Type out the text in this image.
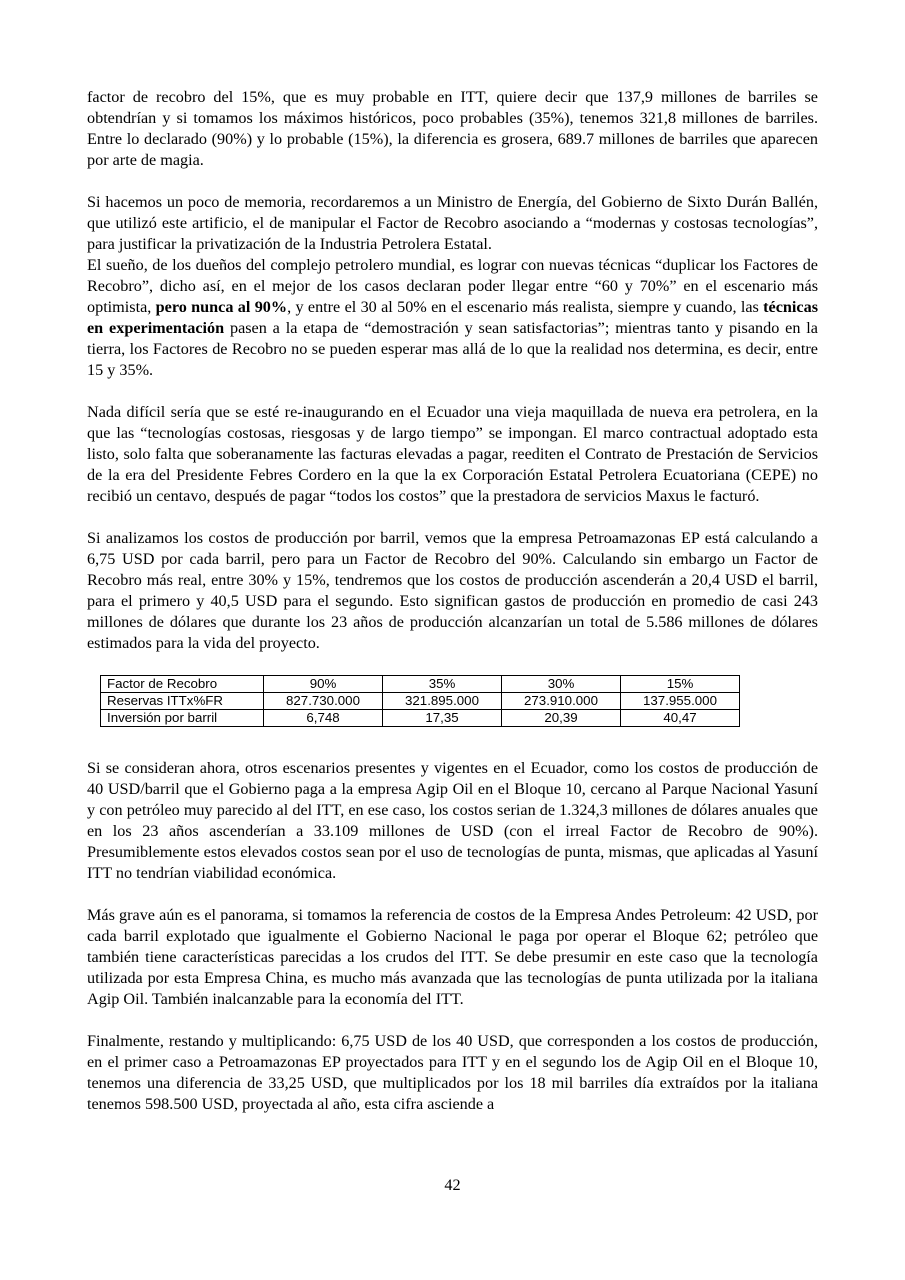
factor de recobro del 15%, que es muy probable en ITT, quiere decir que 137,9 millones de barriles se obtendrían y si tomamos los máximos históricos, poco probables (35%), tenemos 321,8 millones de barriles. Entre lo declarado (90%) y lo probable (15%), la diferencia es grosera, 689.7 millones de barriles que aparecen por arte de magia.

Si hacemos un poco de memoria, recordaremos a un Ministro de Energía, del Gobierno de Sixto Durán Ballén, que utilizó este artificio, el de manipular el Factor de Recobro asociando a “modernas y costosas tecnologías”, para justificar la privatización de la Industria Petrolera Estatal.
El sueño, de los dueños del complejo petrolero mundial, es lograr con nuevas técnicas “duplicar los Factores de Recobro”, dicho así, en el mejor de los casos declaran poder llegar entre “60 y 70%” en el escenario más optimista, pero nunca al 90%, y entre el 30 al 50% en el escenario más realista, siempre y cuando, las técnicas en experimentación pasen a la etapa de “demostración y sean satisfactorias”; mientras tanto y pisando en la tierra, los Factores de Recobro no se pueden esperar mas allá de lo que la realidad nos determina, es decir, entre 15 y 35%.

Nada difícil sería que se esté re-inaugurando en el Ecuador una vieja maquillada de nueva era petrolera, en la que las “tecnologías costosas, riesgosas y de largo tiempo” se impongan. El marco contractual adoptado esta listo, solo falta que soberanamente las facturas elevadas a pagar, reediten el Contrato de Prestación de Servicios de la era del Presidente Febres Cordero en la que la ex Corporación Estatal Petrolera Ecuatoriana (CEPE) no recibió un centavo, después de pagar “todos los costos” que la prestadora de servicios Maxus le facturó.

Si analizamos los costos de producción por barril, vemos que la empresa Petroamazonas EP está calculando a 6,75 USD por cada barril, pero para un Factor de Recobro del 90%. Calculando sin embargo un Factor de Recobro más real, entre 30% y 15%, tendremos que los costos de producción ascenderán a 20,4 USD el barril, para el primero y 40,5 USD para el segundo. Esto significan gastos de producción en promedio de casi 243 millones de dólares que durante los 23 años de producción alcanzarían un total de 5.586 millones de dólares estimados para la vida del proyecto.

Factor de Recobro	90%	35%	30%	15%
Reservas ITTx%FR	827.730.000	321.895.000	273.910.000	137.955.000
Inversión por barril	6,748	17,35	20,39	40,47

Si se consideran ahora, otros escenarios presentes y vigentes en el Ecuador, como los costos de producción de 40 USD/barril que el Gobierno paga a la empresa Agip Oil en el Bloque 10, cercano al Parque Nacional Yasuní y con petróleo muy parecido al del ITT, en ese caso, los costos serian de 1.324,3 millones de dólares anuales que en los 23 años ascenderían a 33.109 millones de USD (con el irreal Factor de Recobro de 90%). Presumiblemente estos elevados costos sean por el uso de tecnologías de punta, mismas, que aplicadas al Yasuní ITT no tendrían viabilidad económica.

Más grave aún es el panorama, si tomamos la referencia de costos de la Empresa Andes Petroleum: 42 USD, por cada barril explotado que igualmente el Gobierno Nacional le paga por operar el Bloque 62; petróleo que también tiene características parecidas a los crudos del ITT. Se debe presumir en este caso que la tecnología utilizada por esta Empresa China, es mucho más avanzada que las tecnologías de punta utilizada por la italiana Agip Oil. También inalcanzable para la economía del ITT.

Finalmente, restando y multiplicando: 6,75 USD de los 40 USD, que corresponden a los costos de producción, en el primer caso a Petroamazonas EP proyectados para ITT y en el segundo los de Agip Oil en el Bloque 10, tenemos una diferencia de 33,25 USD, que multiplicados por los 18 mil barriles día extraídos por la italiana tenemos 598.500 USD, proyectada al año, esta cifra asciende a

42
